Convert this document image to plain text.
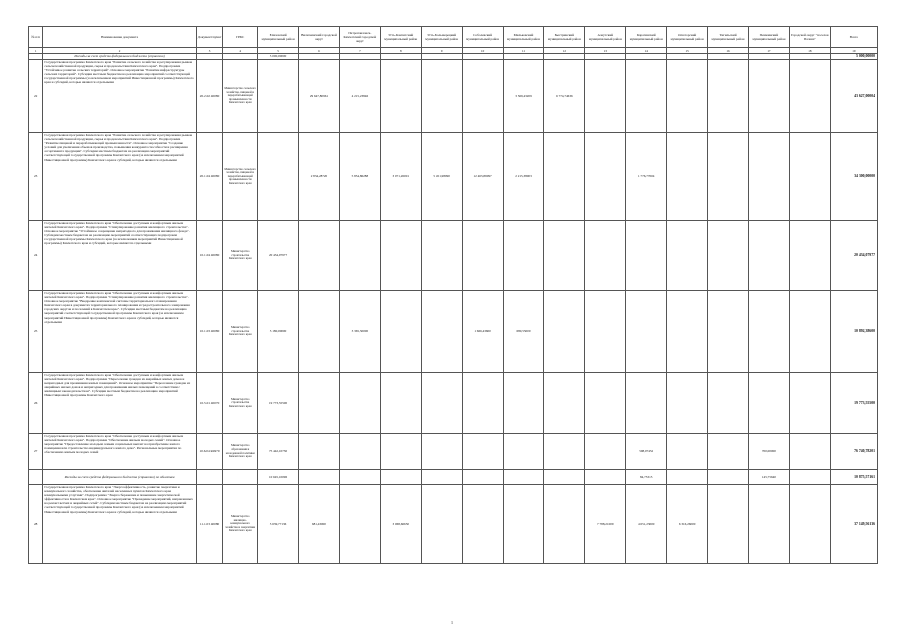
№ п/п	Наименование документа	Документ/пункт	ГРБС	Елизовский муниципальный район	Вилючинский городской округ	Петропавловск-Камчатский городской округ	Усть-Камчатский муниципальный район	Усть-Большерецкий муниципальный район	Соболевский муниципальный район	Мильковский муниципальный район	Быстринский муниципальный район	Алеутский муниципальный район	Карагинский муниципальный район	Олюторский муниципальный район	Тигильский муниципальный район	Пенжинский муниципальный район	Городской округ "поселок Палана"	Всего
1	2	3	4	5	6	7	8	9	10	11	12	13	14	15	16	17	18	19
	Расходы за счет средств федерального бюджета (справочно)			5 000,00000														5 000,00000
22	Государственная программа Камчатского края "Развитие сельского хозяйства и регулирования рынков сельскохозяйственной продукции, сырья и продовольствия Камчатского края". Подпрограмма "Устойчивое развитие сельских территорий". Основное мероприятие "Развитие инфраструктуры сельских территорий". Субсидии местным бюджетам на реализацию мероприятий соответствующей государственной программы (за исключением мероприятий Инвестиционной программы) Камчатского края и субсидий, которые являются отдельными	20.2.02 40080	Министерство сельского хозяйства, пищевой и перерабатывающей промышленности Камчатского края		29 647,80961	4 215,23846				3 569,43209	6 774,74636							43 627,00004
23	Государственная программа Камчатского края "Развитие сельского хозяйства и регулирования рынков сельскохозяйственной продукции, сырья и продовольствия Камчатского края". Подпрограмма "Развитие пищевой и перерабатывающей промышленности". Основное мероприятие "Создание условий для увеличения объемов производства, повышения конкурентоспособности и расширения ассортимента продукции". Субсидии местным бюджетам на реализацию мероприятий соответствующей государственной программы Камчатского края (за исключением мероприятий Инвестиционной программы) Камчатского края и субсидий, которые являются отдельными	20.1.04 40080	Министерство сельского хозяйства, пищевой и перерабатывающей промышленности Камчатского края		2 834,28720	5 854,86288	3 071,26001	5 451,98090	12 463,89097	2 215,38003			1 776,77004					34 300,00000
24	Государственная программа Камчатского края "Обеспечение доступным и комфортным жильем жителей Камчатского края". Подпрограмма "Стимулирование развития жилищного строительства". Основное мероприятие "Устойчивое сокращение непригодного для проживания жилищного фонда". Субсидии местным бюджетам на реализацию мероприятий соответствующих подпрограмм государственной программы Камчатского края (за исключением мероприятий Инвестиционной программы) Камчатского края и субсидий, которые являются отдельными	10.1.04 40080	Министерство строительства Камчатского края	20 434,07977														20 434,07977
25	Государственная программа Камчатского края "Обеспечение доступным и комфортным жильем жителей Камчатского края". Подпрограмма "Стимулирование развития жилищного строительства". Основное мероприятие "Внедрение комплексной системы территориального планирования Камчатского края в документах территориального планирования и градостроительного зонирования городских округов и поселений в Камчатском крае". Субсидии местным бюджетам на реализацию мероприятий соответствующей государственной программы Камчатского края (за исключением мероприятий Инвестиционной программы) Камчатского края и субсидий, которые являются отдельными	10.1.03 40080	Министерство строительства Камчатского края	5 180,00000		3 365,50000			1 666,43600	680,55000								10 892,38600
26	Государственная программа Камчатского края "Обеспечение доступным и комфортным жильем жителей Камчатского края". Подпрограмма "Переселение граждан из аварийных жилых домов и непригодных для проживания жилых помещений". Основное мероприятие "Переселение граждан из аварийных жилых домов и непригодных для проживания жилых помещений в соответствии с жилищным законодательством". Субсидии местным бюджетам на реализацию мероприятий Инвестиционной программы Камчатского края	10.5.01 40070	Министерство строительства Камчатского края	19 773,55500														19 773,55500
27	Государственная программа Камчатского края "Обеспечение доступным и комфортным жильем жителей Камчатского края". Подпрограмма "Обеспечение жильем молодых семей". Основное мероприятие "Предоставление молодым семьям социальных выплат на приобретение жилого помещения или строительство индивидуального жилого дома". Региональные мероприятия по обеспечению жильем молодых семей	10.6.04 R4970	Министерство образования и молодежной политики Камчатского края	75 442,10730									598,07452			700,00000		76 740,78201
	Расходы за счет средств федерального бюджета (справочно) по объектам			10 645,10096									84,75315			145,75640		10 875,57161
28	Государственная программа Камчатского края "Энергоэффективность, развитие энергетики и коммунального хозяйства, обеспечение жителей населенных пунктов Камчатского края коммунальными услугами". Подпрограмма "Энергосбережение и повышение энергетической эффективности в Камчатском крае". Основное мероприятие "Проведение мероприятий, направленных на ремонт ветхих и аварийных сетей". Субсидии местным бюджетам на реализацию мероприятий соответствующей государственной программы Камчатского края (за исключением мероприятий Инвестиционной программы) Камчатского края и субсидий, которые являются отдельными	11.1.03 40080	Министерство жилищно-коммунального хозяйства и энергетики Камчатского края	5 639,77136	681,43000		3 068,66650					7 788,21009	4 651,23000	6 316,26000				37 149,56136
1
